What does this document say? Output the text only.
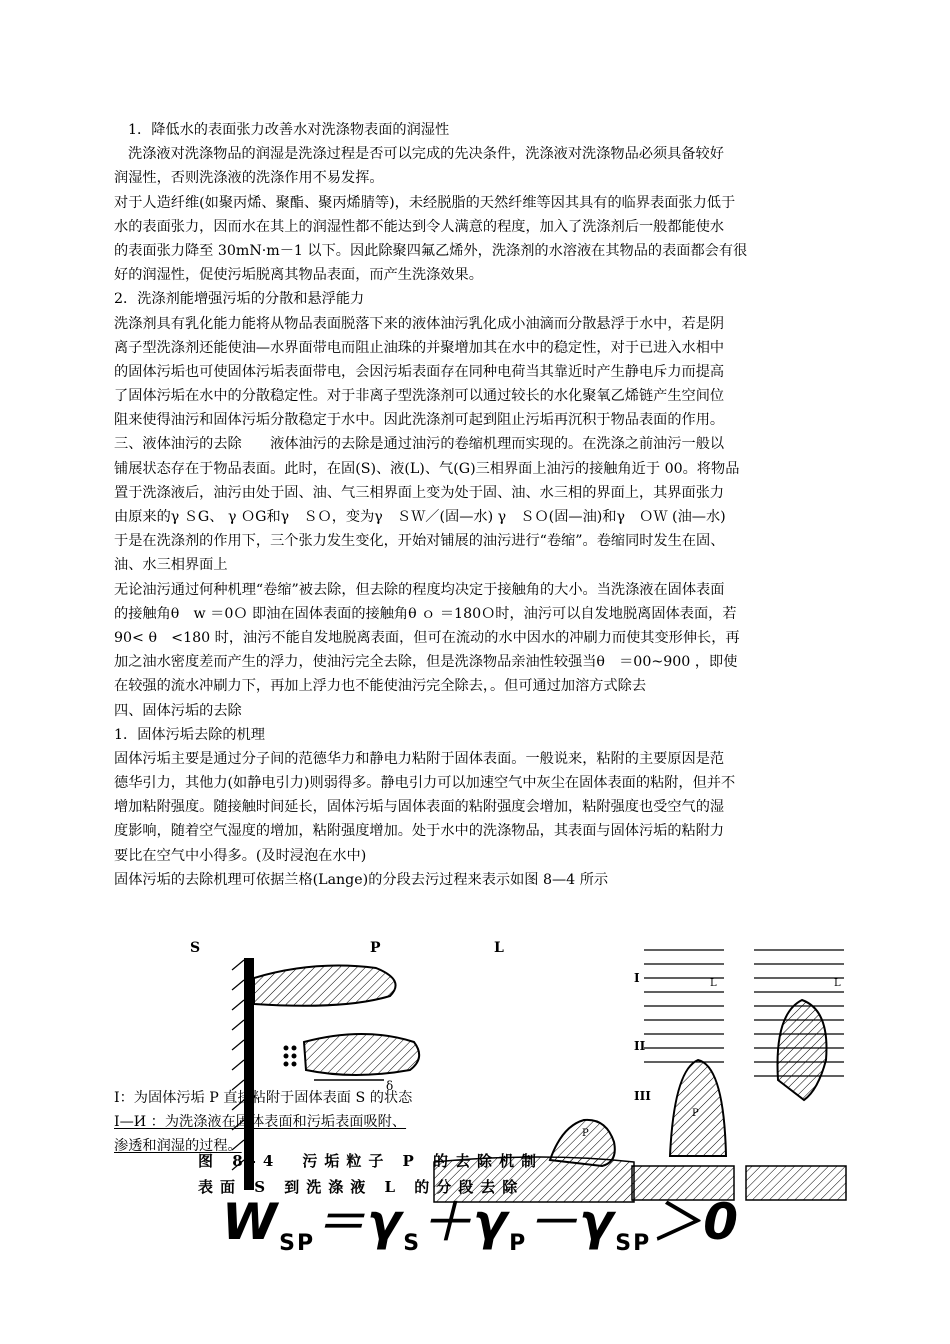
1．降低水的表面张力改善水对洗涤物表面的润湿性
洗涤液对洗涤物品的润湿是洗涤过程是否可以完成的先决条件，洗涤液对洗涤物品必须具备较好
润湿性，否则洗涤液的洗涤作用不易发挥。
对于人造纤维(如聚丙烯、聚酯、聚丙烯腈等)，未经脱脂的天然纤维等因其具有的临界表面张力低于
水的表面张力，因而水在其上的润湿性都不能达到令人满意的程度，加入了洗涤剂后一般都能使水
的表面张力降至 30mN·m－1 以下。因此除聚四氟乙烯外，洗涤剂的水溶液在其物品的表面都会有很
好的润湿性，促使污垢脱离其物品表面，而产生洗涤效果。
2．洗涤剂能增强污垢的分散和悬浮能力
洗涤剂具有乳化能力能将从物品表面脱落下来的液体油污乳化成小油滴而分散悬浮于水中，若是阴
离子型洗涤剂还能使油—水界面带电而阻止油珠的并聚增加其在水中的稳定性，对于已进入水相中
的固体污垢也可使固体污垢表面带电，会因污垢表面存在同种电荷当其靠近时产生静电斥力而提高
了固体污垢在水中的分散稳定性。对于非离子型洗涤剂可以通过较长的水化聚氧乙烯链产生空间位
阻来使得油污和固体污垢分散稳定于水中。因此洗涤剂可起到阻止污垢再沉积于物品表面的作用。
三、液体油污的去除　　液体油污的去除是通过油污的卷缩机理而实现的。在洗涤之前油污一般以
铺展状态存在于物品表面。此时，在固(S)、液(L)、气(G)三相界面上油污的接触角近于 00。将物品
置于洗涤液后，油污由处于固、油、气三相界面上变为处于固、油、水三相的界面上，其界面张力
由原来的γ ＳG、 γ ＯG和γ　ＳＯ，变为γ　ＳＷ／(固—水) γ　ＳＯ(固—油)和γ　ＯＷ (油—水)
于是在洗涤剂的作用下，三个张力发生变化，开始对铺展的油污进行“卷缩”。卷缩同时发生在固、
油、水三相界面上
无论油污通过何种机理“卷缩”被去除，但去除的程度均决定于接触角的大小。当洗涤液在固体表面
的接触角θ　w ＝0Ｏ 即油在固体表面的接触角θ ｏ ＝180Ｏ时，油污可以自发地脱离固体表面，若
90< θ　<180 时，油污不能自发地脱离表面，但可在流动的水中因水的冲刷力而使其变形伸长，再
加之油水密度差而产生的浮力，使油污完全去除，但是洗涤物品亲油性较强当θ　＝00~900 ，即使
在较强的流水冲刷力下，再加上浮力也不能使油污完全除去，。但可通过加溶方式除去
四、固体污垢的去除
1．固体污垢去除的机理
固体污垢主要是通过分子间的范德华力和静电力粘附于固体表面。一般说来，粘附的主要原因是范
德华引力，其他力(如静电引力)则弱得多。静电引力可以加速空气中灰尘在固体表面的粘附，但并不
增加粘附强度。随接触时间延长，固体污垢与固体表面的粘附强度会增加，粘附强度也受空气的湿
度影响，随着空气湿度的增加，粘附强度增加。处于水中的洗涤物品，其表面与固体污垢的粘附力
要比在空气中小得多。(及时浸泡在水中)
固体污垢的去除机理可依据兰格(Lange)的分段去污过程来表示如图 8—4 所示
S	P	L
δ
P
I
II
III
P
L	L
I：为固体污垢 P 直接粘附于固体表面 S 的状态
Ⅰ—И ：为洗涤液在固体表面和污垢表面吸附、
渗透和润湿的过程。
图 8-4　污垢粒子 P 的去除机制
表面 S 到洗涤液 L 的分段去除
$W_{SP}=\gamma_S+\gamma_P-\gamma_{SP}>0$
